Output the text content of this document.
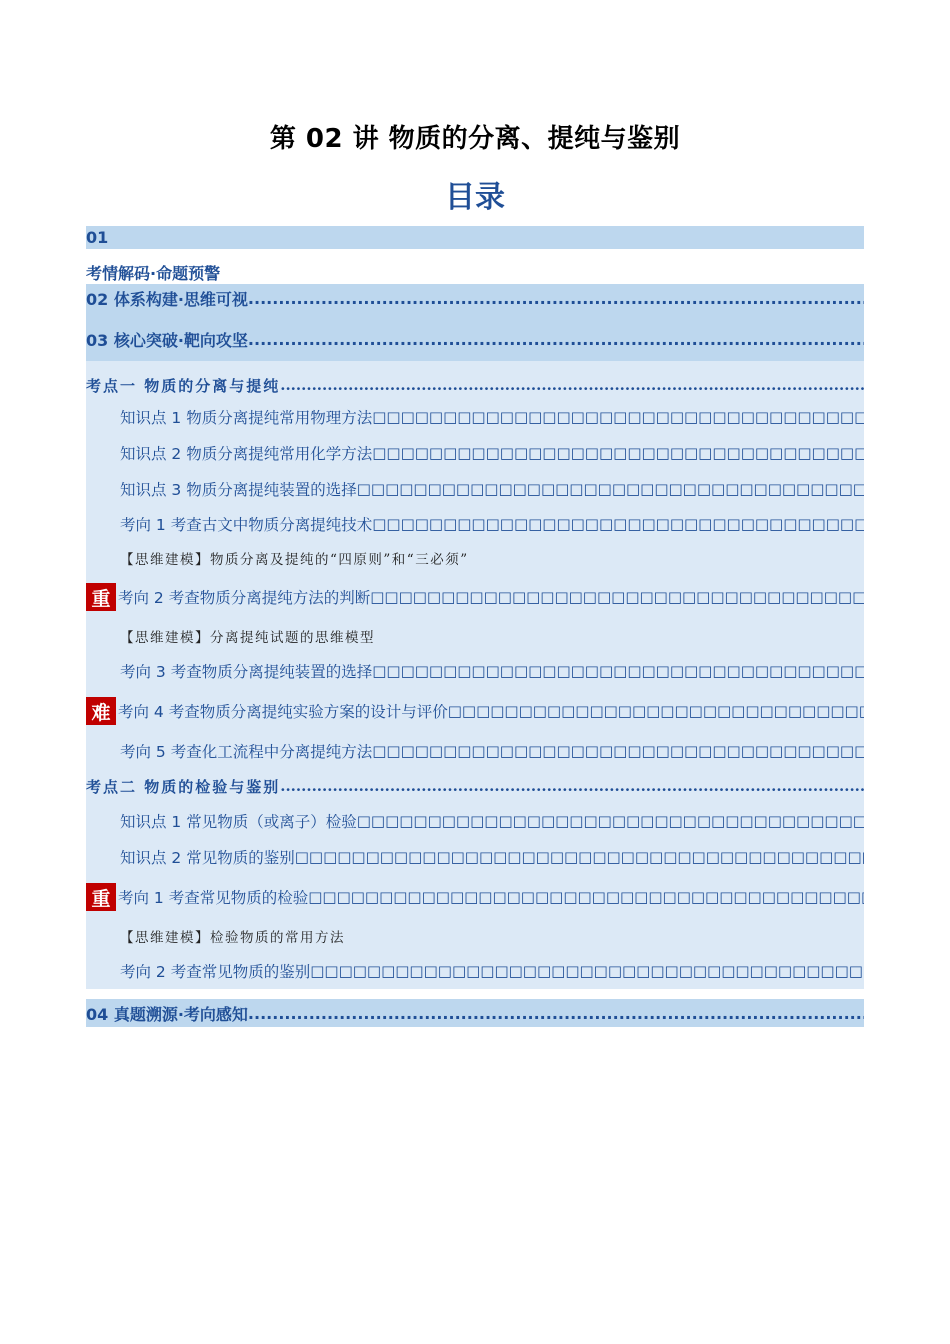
第 02 讲 物质的分离、提纯与鉴别
目录
01
考情解码·命题预警
02 体系构建·思维可视
.....
03 核心突破·靶向攻坚
.....
考点一 物质的分离与提纯
.....
知识点 1 物质分离提纯常用物理方法
□□□□□□□□□□□□□□□□□□□□□□□□□□□□□□□□□□□□□□□□□□□□□□□□□□□□□□□□□□□□□□□□□□□□□□□□□□□□□□□□□□□□
知识点 2 物质分离提纯常用化学方法
□□□□□□□□□□□□□□□□□□□□□□□□□□□□□□□□□□□□□□□□□□□□□□□□□□□□□□□□□□□□□□□□□□□□□□□□□□□□□□□□□□□□
知识点 3 物质分离提纯装置的选择
□□□□□□□□□□□□□□□□□□□□□□□□□□□□□□□□□□□□□□□□□□□□□□□□□□□□□□□□□□□□□□□□□□□□□□□□□□□□□□□□□□□□
考向 1 考查古文中物质分离提纯技术
□□□□□□□□□□□□□□□□□□□□□□□□□□□□□□□□□□□□□□□□□□□□□□□□□□□□□□□□□□□□□□□□□□□□□□□□□□□□□□□□□□□□
【思维建模】物质分离及提纯的“四原则”和“三必须”
重 考向 2 考查物质分离提纯方法的判断
□□□□□□□□□□□□□□□□□□□□□□□□□□□□□□□□□□□□□□□□□□□□□□□□□□□□□□□□□□□□□□□□□□□□□□□□□□□□□□□□□□□□
【思维建模】分离提纯试题的思维模型
考向 3 考查物质分离提纯装置的选择
□□□□□□□□□□□□□□□□□□□□□□□□□□□□□□□□□□□□□□□□□□□□□□□□□□□□□□□□□□□□□□□□□□□□□□□□□□□□□□□□□□□□
难 考向 4 考查物质分离提纯实验方案的设计与评价
□□□□□□□□□□□□□□□□□□□□□□□□□□□□□□□□□□□□□□□□□□□□□□□□□□□□□□□□□□□□□□□□□□□□□□□□□□□□□□□□□□□□
考向 5 考查化工流程中分离提纯方法
□□□□□□□□□□□□□□□□□□□□□□□□□□□□□□□□□□□□□□□□□□□□□□□□□□□□□□□□□□□□□□□□□□□□□□□□□□□□□□□□□□□□
考点二 物质的检验与鉴别
.....
知识点 1 常见物质（或离子）检验
□□□□□□□□□□□□□□□□□□□□□□□□□□□□□□□□□□□□□□□□□□□□□□□□□□□□□□□□□□□□□□□□□□□□□□□□□□□□□□□□□□□□
知识点 2 常见物质的鉴别
□□□□□□□□□□□□□□□□□□□□□□□□□□□□□□□□□□□□□□□□□□□□□□□□□□□□□□□□□□□□□□□□□□□□□□□□□□□□□□□□□□□□
重 考向 1 考查常见物质的检验
□□□□□□□□□□□□□□□□□□□□□□□□□□□□□□□□□□□□□□□□□□□□□□□□□□□□□□□□□□□□□□□□□□□□□□□□□□□□□□□□□□□□
【思维建模】检验物质的常用方法
考向 2 考查常见物质的鉴别
□□□□□□□□□□□□□□□□□□□□□□□□□□□□□□□□□□□□□□□□□□□□□□□□□□□□□□□□□□□□□□□□□□□□□□□□□□□□□□□□□□□□
04 真题溯源·考向感知
.....
